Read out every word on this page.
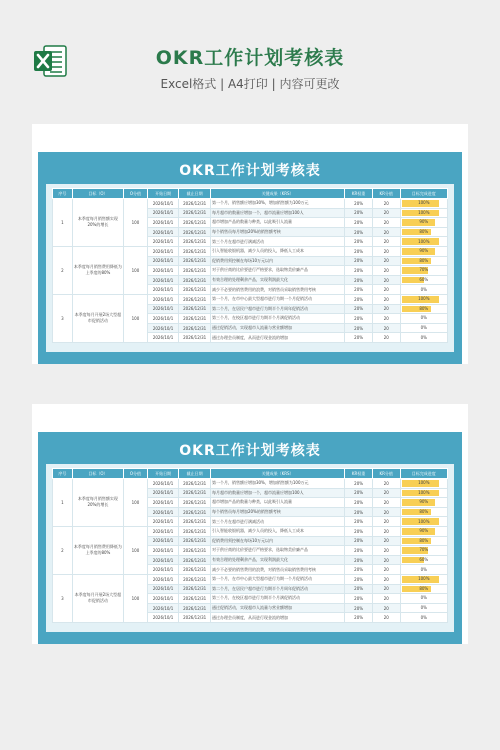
OKR工作计划考核表
Excel格式 | A4打印 | 内容可更改
OKR工作计划考核表
序号	目标（O）	O分值	开始日期	截止日期	关键成果（KRS）	KR权重	KR分值	目标完成进度
1	本季度每月销售额实现20%的增长	100	2026/10/1	2026/12/31	第一个月，销售额应增加30%，增加销售额为100万元	20%	20	100%

			2026/10/1	2026/12/31	每月超市的数量应增加一个，超市流量应增加100人	20%	20	100%

			2026/10/1	2026/12/31	超市增加产品的数量与种类，以此吸引人流量	20%	20	90%

			2026/10/1	2026/12/31	每个销售员每月增加20%的销售额考核	20%	20	80%

			2026/10/1	2026/12/31	第三个月在超市进行满减活动	20%	20	100%

2	本季度每月销售费用降低为上季度的80%	100	2026/10/1	2026/12/31	引入智能收银机器，减少人员的投入，降低人工成本	20%	20	90%

			2026/10/1	2026/12/31	促销费用须控制在每场10万元以内	20%	20	80%

			2026/10/1	2026/12/31	对于供应商的比价要进行严格要求，选取物美价廉产品	20%	20	70%

			2026/10/1	2026/12/31	有效合理的处理剩余产品，实现利润最大化	20%	20	60%

			2026/10/1	2026/12/31	减少不必要的销售费用的浪费，对销售员采取销售费用考核	20%	20	0%

3	本季度每月开展2场大型超市促销活动	100	2026/10/1	2026/12/31	第一个月，在市中心最大型超市进行为期一个月促销活动	20%	20	100%

			2026/10/1	2026/12/31	第二个月，在居民户超市进行为期半个月周年促销活动	20%	20	80%

			2026/10/1	2026/12/31	第三个月，在校区超市进行为期半个月满促销活动	20%	20	0%

			2026/10/1	2026/12/31	通过促销活动，实现超市人流量与营业额增加	20%	20	0%

			2026/10/1	2026/12/31	通过办理会员制度，从而进行现金流的增加	20%	20	0%
OKR工作计划考核表
序号	目标（O）	O分值	开始日期	截止日期	关键成果（KRS）	KR权重	KR分值	目标完成进度
1	本季度每月销售额实现20%的增长	100	2026/10/1	2026/12/31	第一个月，销售额应增加30%，增加销售额为100万元	20%	20	100%

			2026/10/1	2026/12/31	每月超市的数量应增加一个，超市流量应增加100人	20%	20	100%

			2026/10/1	2026/12/31	超市增加产品的数量与种类，以此吸引人流量	20%	20	90%

			2026/10/1	2026/12/31	每个销售员每月增加20%的销售额考核	20%	20	80%

			2026/10/1	2026/12/31	第三个月在超市进行满减活动	20%	20	100%

2	本季度每月销售费用降低为上季度的80%	100	2026/10/1	2026/12/31	引入智能收银机器，减少人员的投入，降低人工成本	20%	20	90%

			2026/10/1	2026/12/31	促销费用须控制在每场10万元以内	20%	20	80%

			2026/10/1	2026/12/31	对于供应商的比价要进行严格要求，选取物美价廉产品	20%	20	70%

			2026/10/1	2026/12/31	有效合理的处理剩余产品，实现利润最大化	20%	20	60%

			2026/10/1	2026/12/31	减少不必要的销售费用的浪费，对销售员采取销售费用考核	20%	20	0%

3	本季度每月开展2场大型超市促销活动	100	2026/10/1	2026/12/31	第一个月，在市中心最大型超市进行为期一个月促销活动	20%	20	100%

			2026/10/1	2026/12/31	第二个月，在居民户超市进行为期半个月周年促销活动	20%	20	80%

			2026/10/1	2026/12/31	第三个月，在校区超市进行为期半个月满促销活动	20%	20	0%

			2026/10/1	2026/12/31	通过促销活动，实现超市人流量与营业额增加	20%	20	0%

			2026/10/1	2026/12/31	通过办理会员制度，从而进行现金流的增加	20%	20	0%
